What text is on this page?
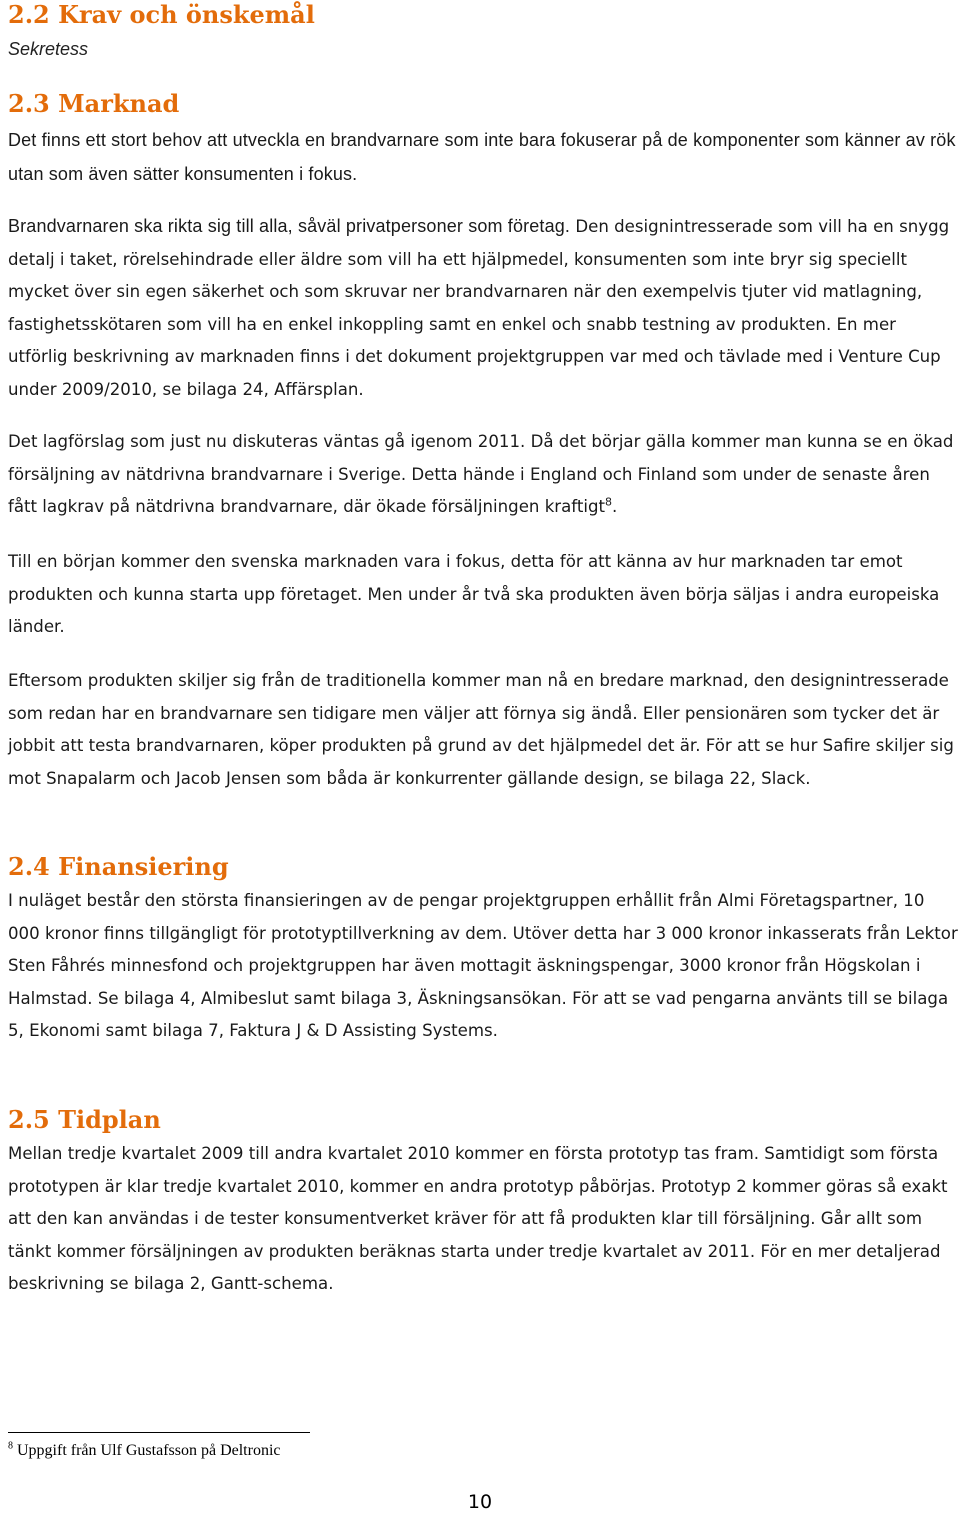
2.2 Krav och önskemål

Sekretess

2.3 Marknad

Det finns ett stort behov att utveckla en brandvarnare som inte bara fokuserar på de komponenter som känner av rök utan som även sätter konsumenten i fokus.

Brandvarnaren ska rikta sig till alla, såväl privatpersoner som företag. Den designintresserade som vill ha en snygg detalj i taket, rörelsehindrade eller äldre som vill ha ett hjälpmedel, konsumenten som inte bryr sig speciellt mycket över sin egen säkerhet och som skruvar ner brandvarnaren när den exempelvis tjuter vid matlagning, fastighetsskötaren som vill ha en enkel inkoppling samt en enkel och snabb testning av produkten. En mer utförlig beskrivning av marknaden finns i det dokument projektgruppen var med och tävlade med i Venture Cup under 2009/2010, se bilaga 24, Affärsplan.

Det lagförslag som just nu diskuteras väntas gå igenom 2011. Då det börjar gälla kommer man kunna se en ökad försäljning av nätdrivna brandvarnare i Sverige. Detta hände i England och Finland som under de senaste åren fått lagkrav på nätdrivna brandvarnare, där ökade försäljningen kraftigt$^8$.

Till en början kommer den svenska marknaden vara i fokus, detta för att känna av hur marknaden tar emot produkten och kunna starta upp företaget. Men under år två ska produkten även börja säljas i andra europeiska länder.

Eftersom produkten skiljer sig från de traditionella kommer man nå en bredare marknad, den designintresserade som redan har en brandvarnare sen tidigare men väljer att förnya sig ändå. Eller pensionären som tycker det är jobbit att testa brandvarnaren, köper produkten på grund av det hjälpmedel det är. För att se hur Safire skiljer sig mot Snapalarm och Jacob Jensen som båda är konkurrenter gällande design, se bilaga 22, Slack.

2.4 Finansiering

I nuläget består den största finansieringen av de pengar projektgruppen erhållit från Almi Företagspartner, 10 000 kronor finns tillgängligt för prototyptillverkning av dem. Utöver detta har 3 000 kronor inkasserats från Lektor Sten Fåhrés minnesfond och projektgruppen har även mottagit äskningspengar, 3000 kronor från Högskolan i Halmstad. Se bilaga 4, Almibeslut samt bilaga 3, Äskningsansökan. För att se vad pengarna använts till se bilaga 5, Ekonomi samt bilaga 7, Faktura J & D Assisting Systems.

2.5 Tidplan

Mellan tredje kvartalet 2009 till andra kvartalet 2010 kommer en första prototyp tas fram. Samtidigt som första prototypen är klar tredje kvartalet 2010, kommer en andra prototyp påbörjas. Prototyp 2 kommer göras så exakt att den kan användas i de tester konsumentverket kräver för att få produkten klar till försäljning. Går allt som tänkt kommer försäljningen av produkten beräknas starta under tredje kvartalet av 2011. För en mer detaljerad beskrivning se bilaga 2, Gantt-schema.

$^8$ Uppgift från Ulf Gustafsson på Deltronic

10
